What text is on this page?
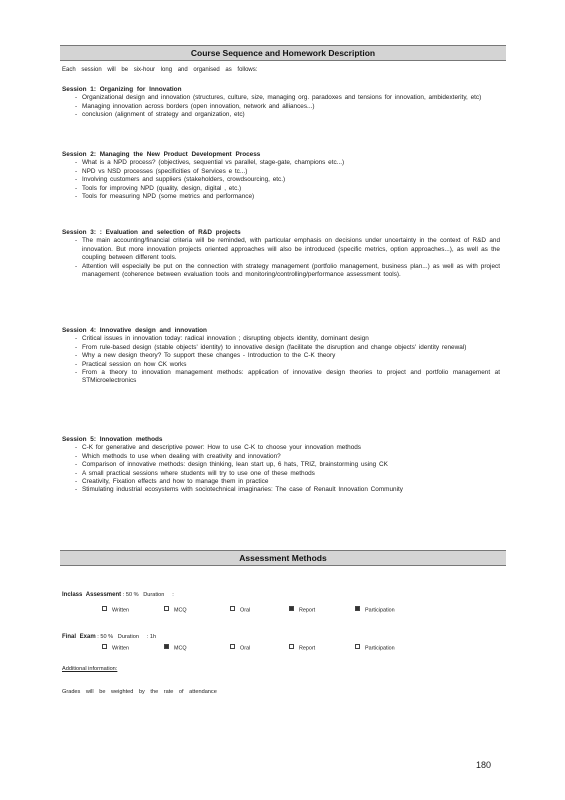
Course Sequence and Homework Description
Each session will be six-hour long and organised as follows:
Session 1: Organizing for Innovation
- Organizational design and innovation (structures, culture, size, managing org. paradoxes and tensions for innovation, ambidexterity, etc)
- Managing innovation across borders (open innovation, network and alliances...)
- conclusion (alignment of strategy and organization, etc)
Session 2: Managing the New Product Development Process
- What is a NPD process? (objectives, sequential vs parallel, stage-gate, champions etc...)
- NPD vs NSD processes (specificities of Services e tc...)
- Involving customers and suppliers (stakeholders, crowdsourcing, etc.)
- Tools for improving NPD (quality, design, digital , etc.)
- Tools for measuring NPD (some metrics and performance)
Session 3: : Evaluation and selection of R&D projects
- The main accounting/financial criteria will be reminded, with particular emphasis on decisions under uncertainty in the context of R&D and innovation. But more innovation projects oriented approaches will also be introduced (specific metrics, option approaches...), as well as the coupling between different tools.
- Attention will especially be put on the connection with strategy management (portfolio management, business plan...) as well as with project management (coherence between evaluation tools and monitoring/controlling/performance assessment tools).
Session 4: Innovative design and innovation
- Critical issues in innovation today: radical innovation ; disrupting objects identity, dominant design
- From rule-based design (stable objects' identity) to innovative design (facilitate the disruption and change objects' identity renewal)
- Why a new design theory? To support these changes - Introduction to the C-K theory
- Practical session on how CK works
- From a theory to innovation management methods: application of innovative design theories to project and portfolio management at STMicroelectronics
Session 5: Innovation methods
- C-K for generative and descriptive power: How to use C-K to choose your innovation methods
- Which methods to use when dealing with creativity and innovation?
- Comparison of innovative methods: design thinking, lean start up, 6 hats, TRIZ, brainstorming using CK
- A small practical sessions where students will try to use one of these methods
- Creativity, Fixation effects and how to manage them in practice
- Stimulating industrial ecosystems with sociotechnical imaginaries: The case of Renault Innovation Community
Assessment Methods
Inclass Assessment : 50 % Duration :
Written	MCQ	Oral	Report	Participation
Final Exam : 50 % Duration : 1h
Written	MCQ	Oral	Report	Participation
Additional information:
Grades will be weighted by the rate of attendance
180
